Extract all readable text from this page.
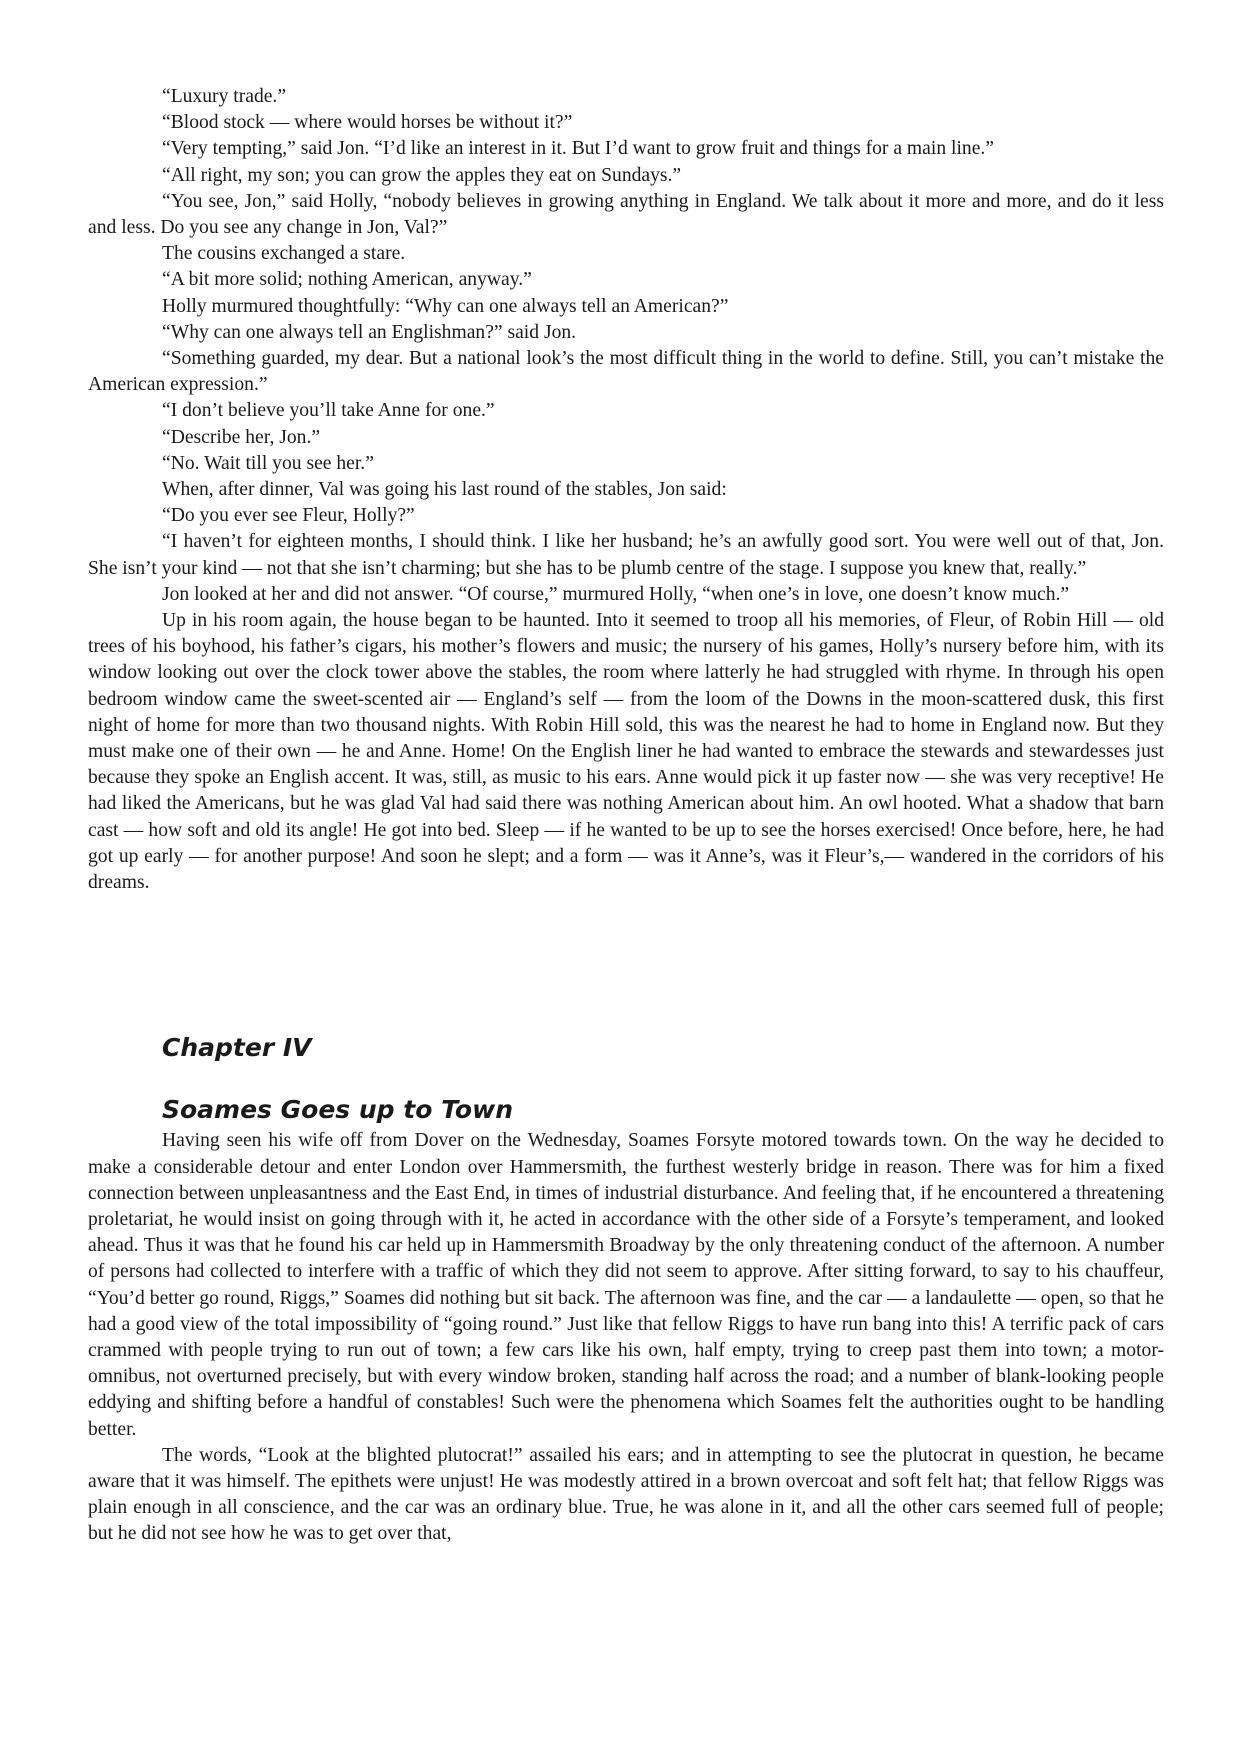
“Luxury trade.”

“Blood stock — where would horses be without it?”

“Very tempting,” said Jon. “I’d like an interest in it. But I’d want to grow fruit and things for a main line.”

“All right, my son; you can grow the apples they eat on Sundays.”

“You see, Jon,” said Holly, “nobody believes in growing anything in England. We talk about it more and more, and do it less and less. Do you see any change in Jon, Val?”

The cousins exchanged a stare.

“A bit more solid; nothing American, anyway.”

Holly murmured thoughtfully: “Why can one always tell an American?”

“Why can one always tell an Englishman?” said Jon.

“Something guarded, my dear. But a national look’s the most difficult thing in the world to define. Still, you can’t mistake the American expression.”

“I don’t believe you’ll take Anne for one.”

“Describe her, Jon.”

“No. Wait till you see her.”

When, after dinner, Val was going his last round of the stables, Jon said:

“Do you ever see Fleur, Holly?”

“I haven’t for eighteen months, I should think. I like her husband; he’s an awfully good sort. You were well out of that, Jon. She isn’t your kind — not that she isn’t charming; but she has to be plumb centre of the stage. I suppose you knew that, really.”

Jon looked at her and did not answer. “Of course,” murmured Holly, “when one’s in love, one doesn’t know much.”

Up in his room again, the house began to be haunted. Into it seemed to troop all his memories, of Fleur, of Robin Hill — old trees of his boyhood, his father’s cigars, his mother’s flowers and music; the nursery of his games, Holly’s nursery before him, with its window looking out over the clock tower above the stables, the room where latterly he had struggled with rhyme. In through his open bedroom window came the sweet-scented air — England’s self — from the loom of the Downs in the moon-scattered dusk, this first night of home for more than two thousand nights. With Robin Hill sold, this was the nearest he had to home in England now. But they must make one of their own — he and Anne. Home! On the English liner he had wanted to embrace the stewards and stewardesses just because they spoke an English accent. It was, still, as music to his ears. Anne would pick it up faster now — she was very receptive! He had liked the Americans, but he was glad Val had said there was nothing American about him. An owl hooted. What a shadow that barn cast — how soft and old its angle! He got into bed. Sleep — if he wanted to be up to see the horses exercised! Once before, here, he had got up early — for another purpose! And soon he slept; and a form — was it Anne’s, was it Fleur’s,— wandered in the corridors of his dreams.

Chapter IV
Soames Goes up to Town

Having seen his wife off from Dover on the Wednesday, Soames Forsyte motored towards town. On the way he decided to make a considerable detour and enter London over Hammersmith, the furthest westerly bridge in reason. There was for him a fixed connection between unpleasantness and the East End, in times of industrial disturbance. And feeling that, if he encountered a threatening proletariat, he would insist on going through with it, he acted in accordance with the other side of a Forsyte’s temperament, and looked ahead. Thus it was that he found his car held up in Hammersmith Broadway by the only threatening conduct of the afternoon. A number of persons had collected to interfere with a traffic of which they did not seem to approve. After sitting forward, to say to his chauffeur, “You’d better go round, Riggs,” Soames did nothing but sit back. The afternoon was fine, and the car — a landaulette — open, so that he had a good view of the total impossibility of “going round.” Just like that fellow Riggs to have run bang into this! A terrific pack of cars crammed with people trying to run out of town; a few cars like his own, half empty, trying to creep past them into town; a motor-omnibus, not overturned precisely, but with every window broken, standing half across the road; and a number of blank-looking people eddying and shifting before a handful of constables! Such were the phenomena which Soames felt the authorities ought to be handling better.

The words, “Look at the blighted plutocrat!” assailed his ears; and in attempting to see the plutocrat in question, he became aware that it was himself. The epithets were unjust! He was modestly attired in a brown overcoat and soft felt hat; that fellow Riggs was plain enough in all conscience, and the car was an ordinary blue. True, he was alone in it, and all the other cars seemed full of people; but he did not see how he was to get over that,
